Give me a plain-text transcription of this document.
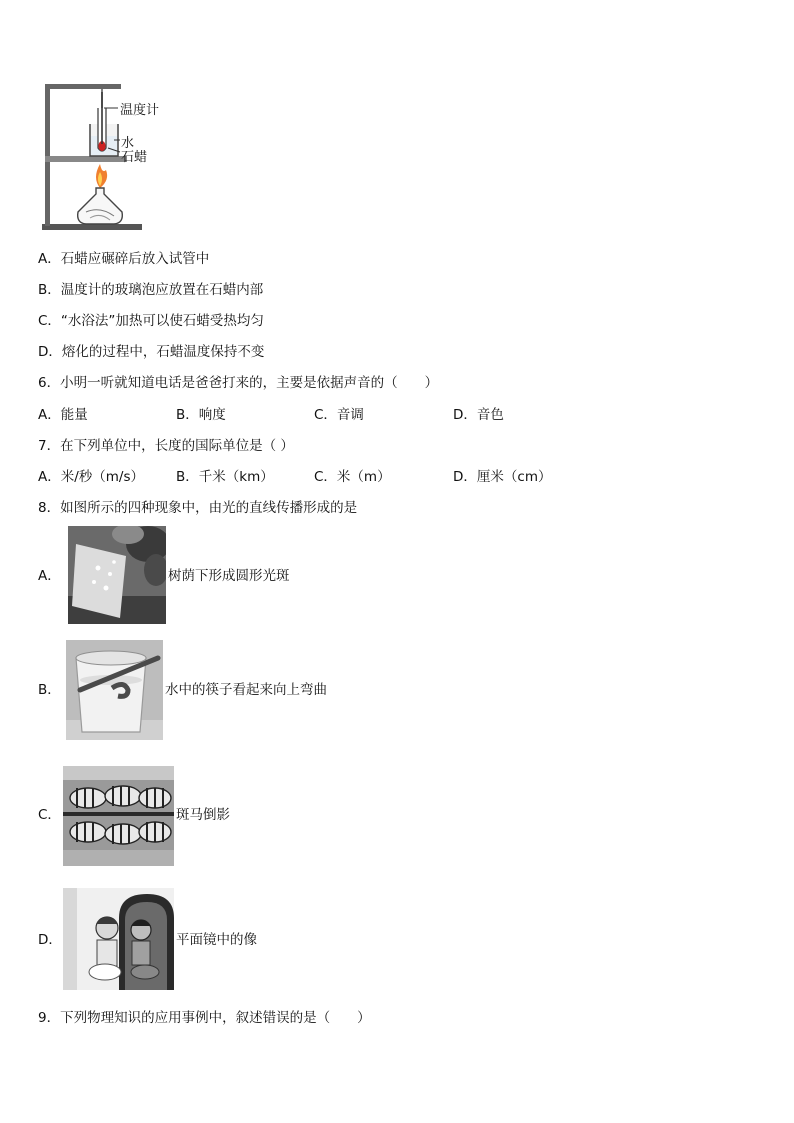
温度计
水
石蜡
A．石蜡应碾碎后放入试管中
B．温度计的玻璃泡应放置在石蜡内部
C．“水浴法”加热可以使石蜡受热均匀
D．熔化的过程中，石蜡温度保持不变
6．小明一听就知道电话是爸爸打来的，主要是依据声音的（　　）
A．能量	B．响度	C．音调	D．音色
7．在下列单位中，长度的国际单位是（ ）
A．米/秒（m/s） B．千米（km）	C．米（m）	D．厘米（cm）
8．如图所示的四种现象中，由光的直线传播形成的是
A．	树荫下形成圆形光斑
B．	水中的筷子看起来向上弯曲
C．	斑马倒影
D．	平面镜中的像
9．下列物理知识的应用事例中，叙述错误的是（　　）
